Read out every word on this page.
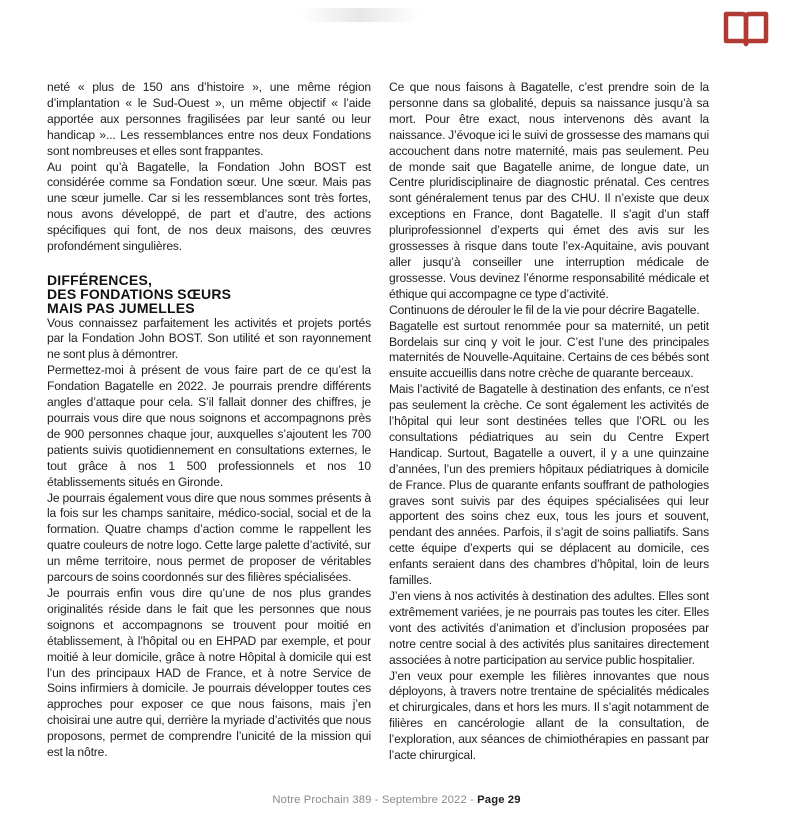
neté « plus de 150 ans d’histoire », une même région d’implantation « le Sud-Ouest », un même objectif « l’aide apportée aux personnes fragilisées par leur santé ou leur handicap »... Les ressemblances entre nos deux Fondations sont nombreuses et elles sont frappantes.

Au point qu’à Bagatelle, la Fondation John BOST est considérée comme sa Fondation sœur. Une sœur. Mais pas une sœur jumelle. Car si les ressemblances sont très fortes, nous avons développé, de part et d’autre, des actions spécifiques qui font, de nos deux maisons, des œuvres profondément singulières.

DIFFÉRENCES,
DES FONDATIONS SŒURS
MAIS PAS JUMELLES

Vous connaissez parfaitement les activités et projets portés par la Fondation John BOST. Son utilité et son rayonnement ne sont plus à démontrer.

Permettez-moi à présent de vous faire part de ce qu’est la Fondation Bagatelle en 2022. Je pourrais prendre différents angles d’attaque pour cela. S’il fallait donner des chiffres, je pourrais vous dire que nous soignons et accompagnons près de 900 personnes chaque jour, auxquelles s’ajoutent les 700 patients suivis quotidiennement en consultations externes, le tout grâce à nos 1 500 professionnels et nos 10 établissements situés en Gironde.

Je pourrais également vous dire que nous sommes présents à la fois sur les champs sanitaire, médico-social, social et de la formation. Quatre champs d’action comme le rappellent les quatre couleurs de notre logo. Cette large palette d’activité, sur un même territoire, nous permet de proposer de véritables parcours de soins coordonnés sur des filières spécialisées.

Je pourrais enfin vous dire qu’une de nos plus grandes originalités réside dans le fait que les personnes que nous soignons et accompagnons se trouvent pour moitié en établissement, à l’hôpital ou en EHPAD par exemple, et pour moitié à leur domicile, grâce à notre Hôpital à domicile qui est l’un des principaux HAD de France, et à notre Service de Soins infirmiers à domicile. Je pourrais développer toutes ces approches pour exposer ce que nous faisons, mais j’en choisirai une autre qui, derrière la myriade d’activités que nous proposons, permet de comprendre l’unicité de la mission qui est la nôtre.

Ce que nous faisons à Bagatelle, c’est prendre soin de la personne dans sa globalité, depuis sa naissance jusqu’à sa mort. Pour être exact, nous intervenons dès avant la naissance. J’évoque ici le suivi de grossesse des mamans qui accouchent dans notre maternité, mais pas seulement. Peu de monde sait que Bagatelle anime, de longue date, un Centre pluridisciplinaire de diagnostic prénatal. Ces centres sont généralement tenus par des CHU. Il n’existe que deux exceptions en France, dont Bagatelle. Il s’agit d’un staff pluriprofessionnel d’experts qui émet des avis sur les grossesses à risque dans toute l’ex-Aquitaine, avis pouvant aller jusqu’à conseiller une interruption médicale de grossesse. Vous devinez l’énorme responsabilité médicale et éthique qui accompagne ce type d’activité.

Continuons de dérouler le fil de la vie pour décrire Bagatelle.

Bagatelle est surtout renommée pour sa maternité, un petit Bordelais sur cinq y voit le jour. C’est l’une des principales maternités de Nouvelle-Aquitaine. Certains de ces bébés sont ensuite accueillis dans notre crèche de quarante berceaux.

Mais l’activité de Bagatelle à destination des enfants, ce n’est pas seulement la crèche. Ce sont également les activités de l’hôpital qui leur sont destinées telles que l’ORL ou les consultations pédiatriques au sein du Centre Expert Handicap. Surtout, Bagatelle a ouvert, il y a une quinzaine d’années, l’un des premiers hôpitaux pédiatriques à domicile de France. Plus de quarante enfants souffrant de pathologies graves sont suivis par des équipes spécialisées qui leur apportent des soins chez eux, tous les jours et souvent, pendant des années. Parfois, il s’agit de soins palliatifs. Sans cette équipe d’experts qui se déplacent au domicile, ces enfants seraient dans des chambres d’hôpital, loin de leurs familles.

J’en viens à nos activités à destination des adultes. Elles sont extrêmement variées, je ne pourrais pas toutes les citer. Elles vont des activités d’animation et d’inclusion proposées par notre centre social à des activités plus sanitaires directement associées à notre participation au service public hospitalier.

J’en veux pour exemple les filières innovantes que nous déployons, à travers notre trentaine de spécialités médicales et chirurgicales, dans et hors les murs. Il s’agit notamment de filières en cancérologie allant de la consultation, de l’exploration, aux séances de chimiothérapies en passant par l’acte chirurgical.

Notre Prochain 389 - Septembre 2022 - Page 29
